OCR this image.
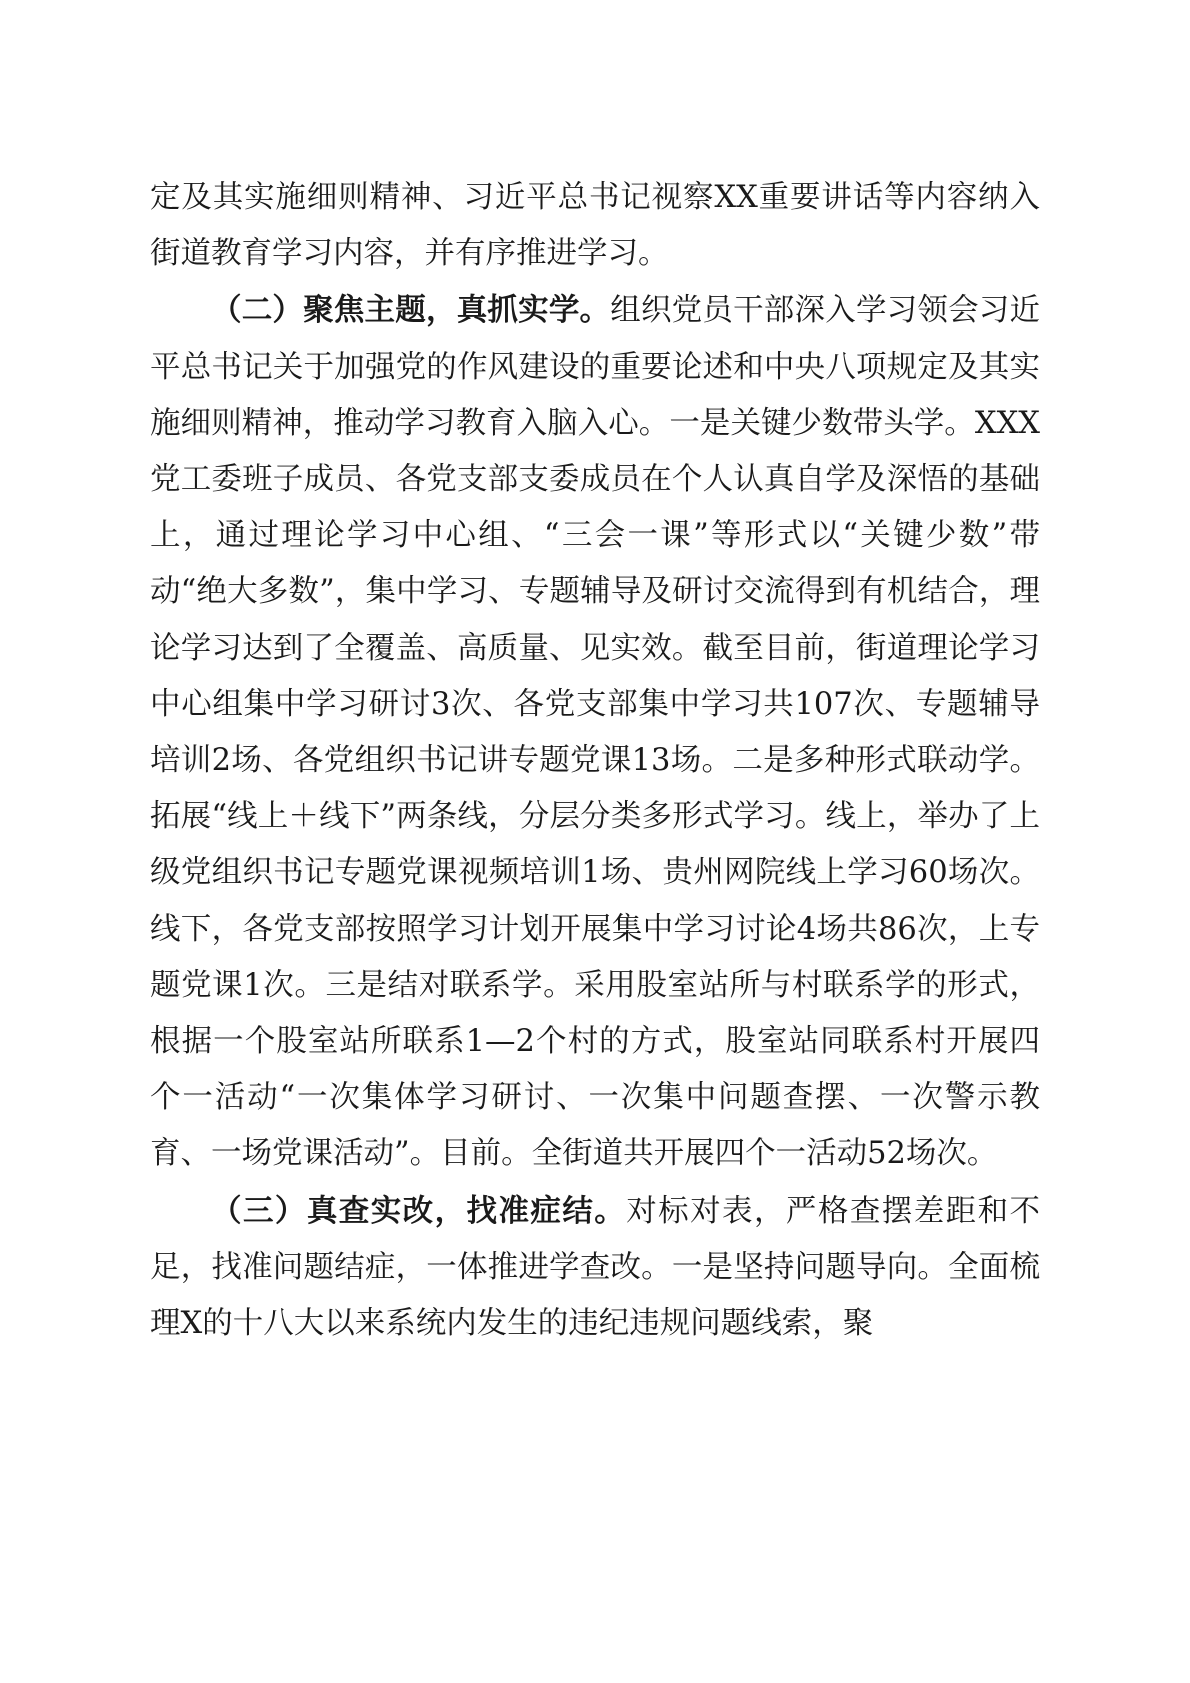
定及其实施细则精神、习近平总书记视察XX重要讲话等内容纳入街道教育学习内容，并有序推进学习。

（二）聚焦主题，真抓实学。组织党员干部深入学习领会习近平总书记关于加强党的作风建设的重要论述和中央八项规定及其实施细则精神，推动学习教育入脑入心。一是关键少数带头学。XXX党工委班子成员、各党支部支委成员在个人认真自学及深悟的基础上，通过理论学习中心组、“三会一课”等形式以“关键少数”带动“绝大多数”，集中学习、专题辅导及研讨交流得到有机结合，理论学习达到了全覆盖、高质量、见实效。截至目前，街道理论学习中心组集中学习研讨3次、各党支部集中学习共107次、专题辅导培训2场、各党组织书记讲专题党课13场。二是多种形式联动学。拓展“线上＋线下”两条线，分层分类多形式学习。线上，举办了上级党组织书记专题党课视频培训1场、贵州网院线上学习60场次。线下，各党支部按照学习计划开展集中学习讨论4场共86次，上专题党课1次。三是结对联系学。采用股室站所与村联系学的形式，根据一个股室站所联系1—2个村的方式，股室站同联系村开展四个一活动“一次集体学习研讨、一次集中问题查摆、一次警示教育、一场党课活动”。目前。全街道共开展四个一活动52场次。

（三）真查实改，找准症结。对标对表，严格查摆差距和不足，找准问题结症，一体推进学查改。一是坚持问题导向。全面梳理X的十八大以来系统内发生的违纪违规问题线索，聚
